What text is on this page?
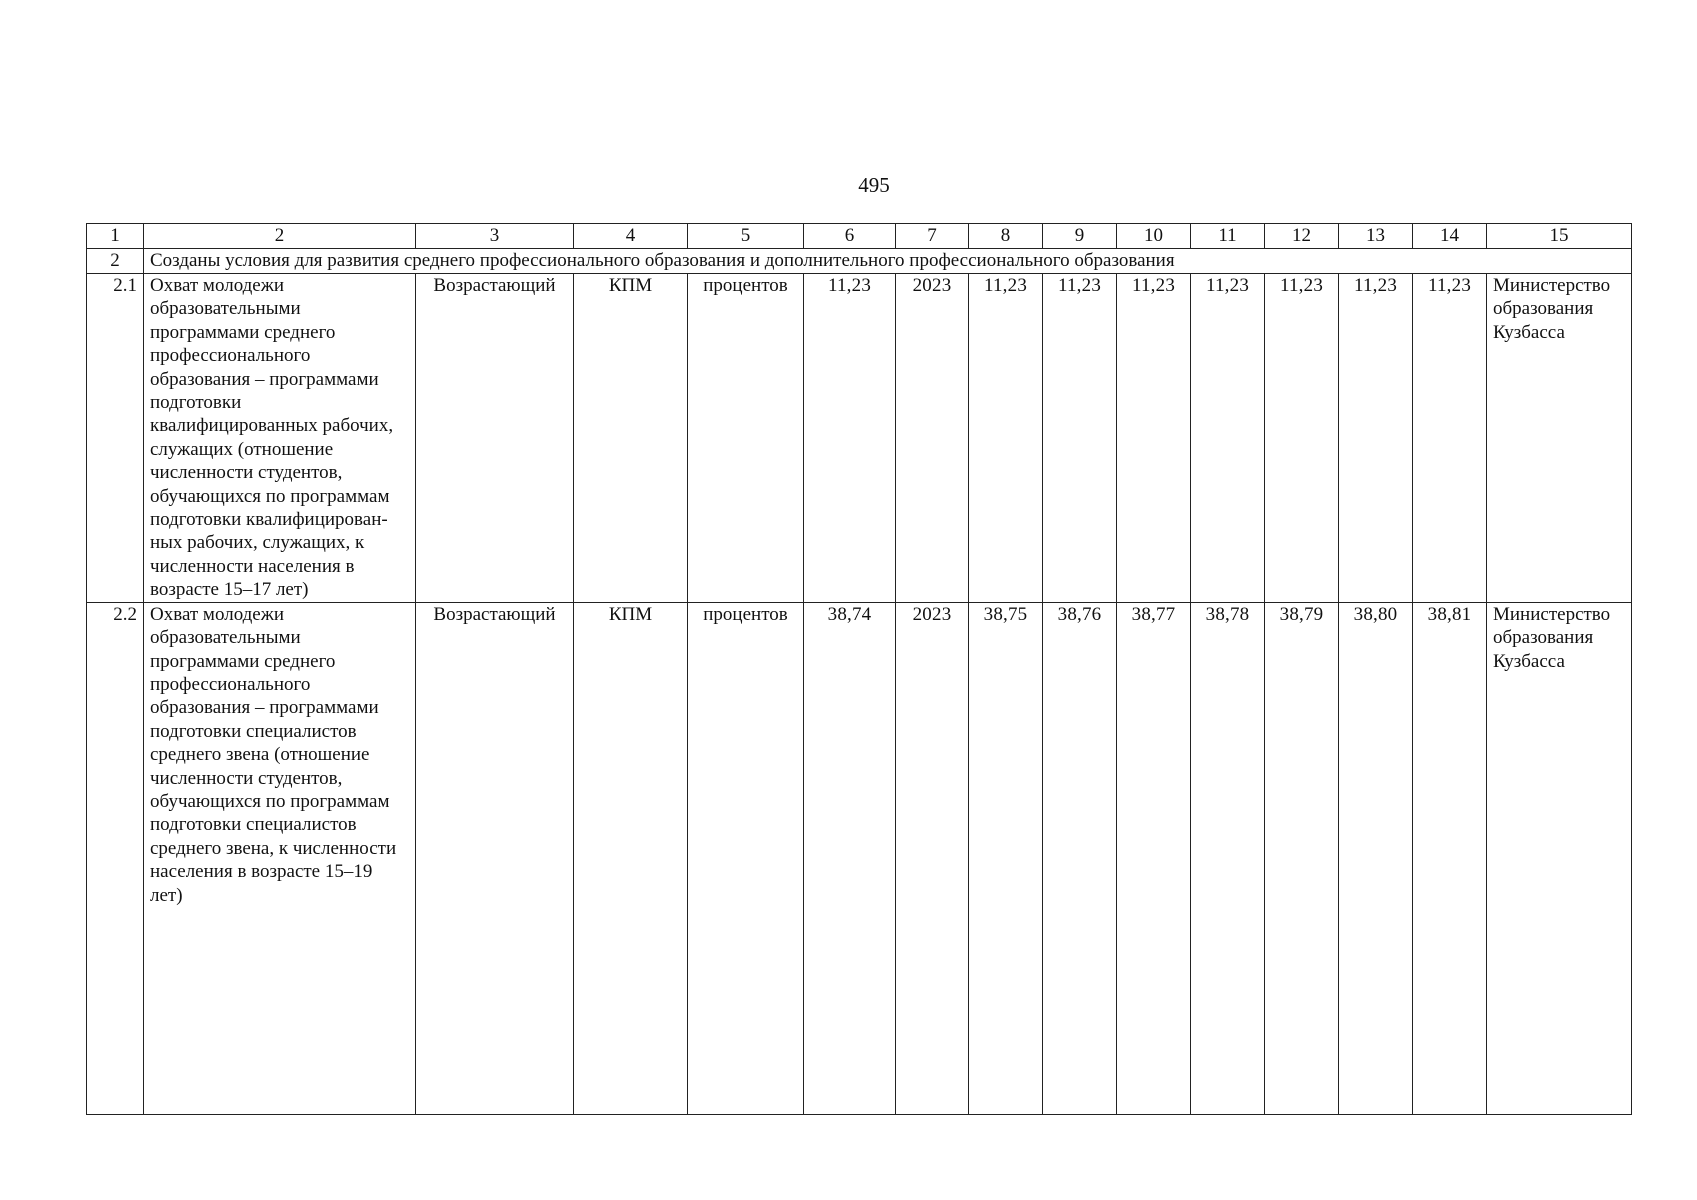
495
1	2	3	4	5	6	7	8	9	10	11	12	13	14	15
2	Созданы условия для развития среднего профессионального образования и дополнительного профессионального образования													
2.1	Охват молодежи образовательными программами среднего профессионального образования – программами подготовки квалифицированных рабочих, служащих (отношение численности студентов, обучающихся по программам подготовки квалифицирован-ных рабочих, служащих, к численности населения в возрасте 15–17 лет)	Возрастающий	КПМ	процентов	11,23	2023	11,23	11,23	11,23	11,23	11,23	11,23	11,23	Министерство образования Кузбасса
2.2	Охват молодежи образовательными программами среднего профессионального образования – программами подготовки специалистов среднего звена (отношение численности студентов, обучающихся по программам подготовки специалистов среднего звена, к численности населения в возрасте 15–19 лет)	Возрастающий	КПМ	процентов	38,74	2023	38,75	38,76	38,77	38,78	38,79	38,80	38,81	Министерство образования Кузбасса
